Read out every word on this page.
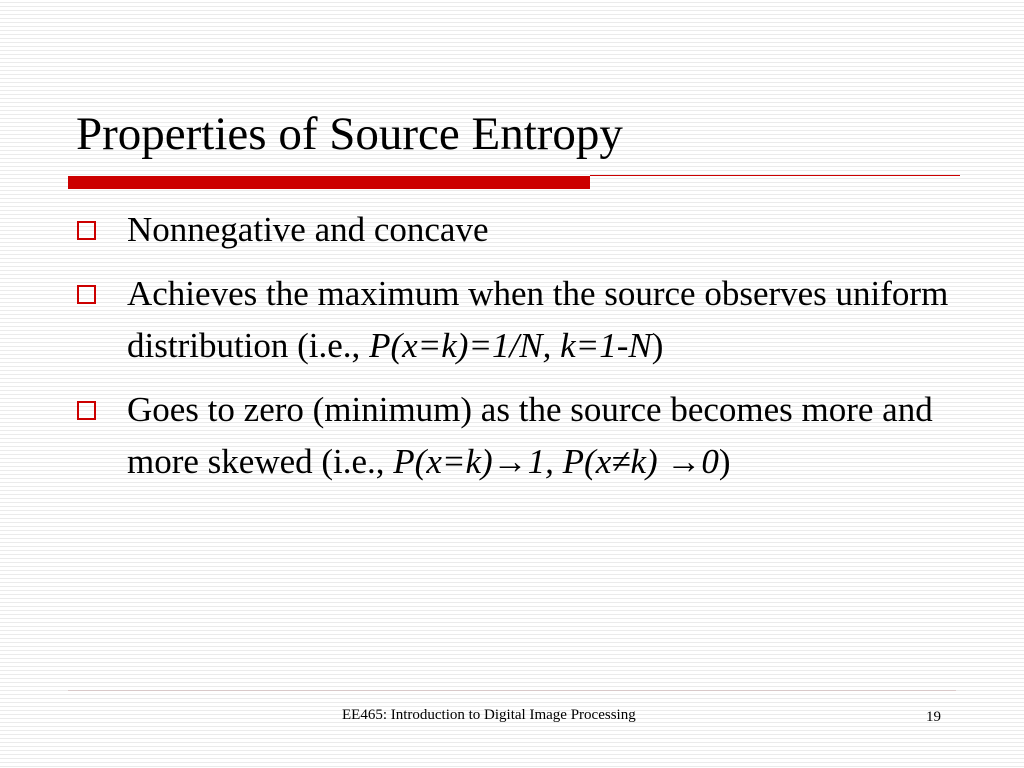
Properties of Source Entropy
Nonnegative and concave
Achieves the maximum when the source observes uniform distribution (i.e., P(x=k)=1/N, k=1-N)
Goes to zero (minimum) as the source becomes more and more skewed (i.e., P(x=k)→1, P(x≠k) →0)
EE465: Introduction to Digital Image Processing	19
